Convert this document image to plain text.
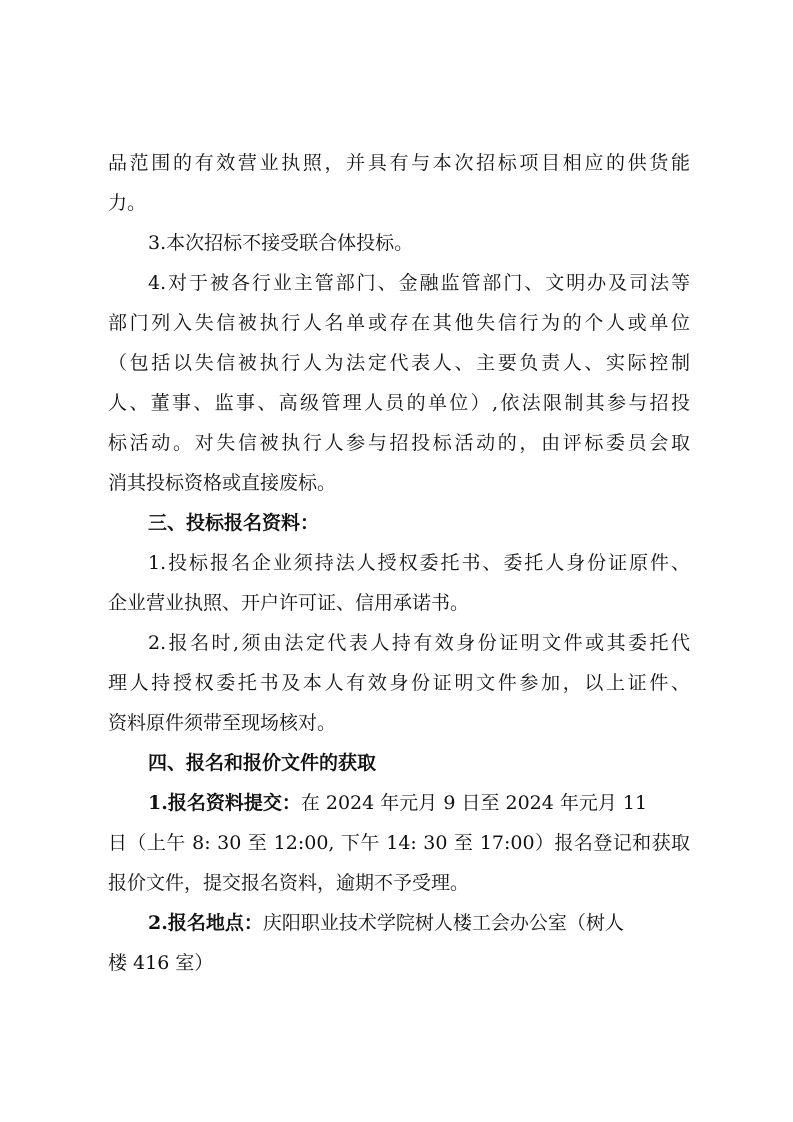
品范围的有效营业执照，并具有与本次招标项目相应的供货能
力。
3.本次招标不接受联合体投标。
4.对于被各行业主管部门、金融监管部门、文明办及司法等
部门列入失信被执行人名单或存在其他失信行为的个人或单位
（包括以失信被执行人为法定代表人、主要负责人、实际控制
人、董事、监事、高级管理人员的单位）,依法限制其参与招投
标活动。对失信被执行人参与招投标活动的，由评标委员会取
消其投标资格或直接废标。
三、投标报名资料：
1.投标报名企业须持法人授权委托书、委托人身份证原件、
企业营业执照、开户许可证、信用承诺书。
2.报名时,须由法定代表人持有效身份证明文件或其委托代
理人持授权委托书及本人有效身份证明文件参加，以上证件、
资料原件须带至现场核对。
四、报名和报价文件的获取
1.报名资料提交：在 2024 年元月 9 日至 2024 年元月 11
日（上午 8: 30 至 12:00, 下午 14: 30 至 17:00）报名登记和获取
报价文件，提交报名资料，逾期不予受理。
2.报名地点：庆阳职业技术学院树人楼工会办公室（树人
楼 416 室）
